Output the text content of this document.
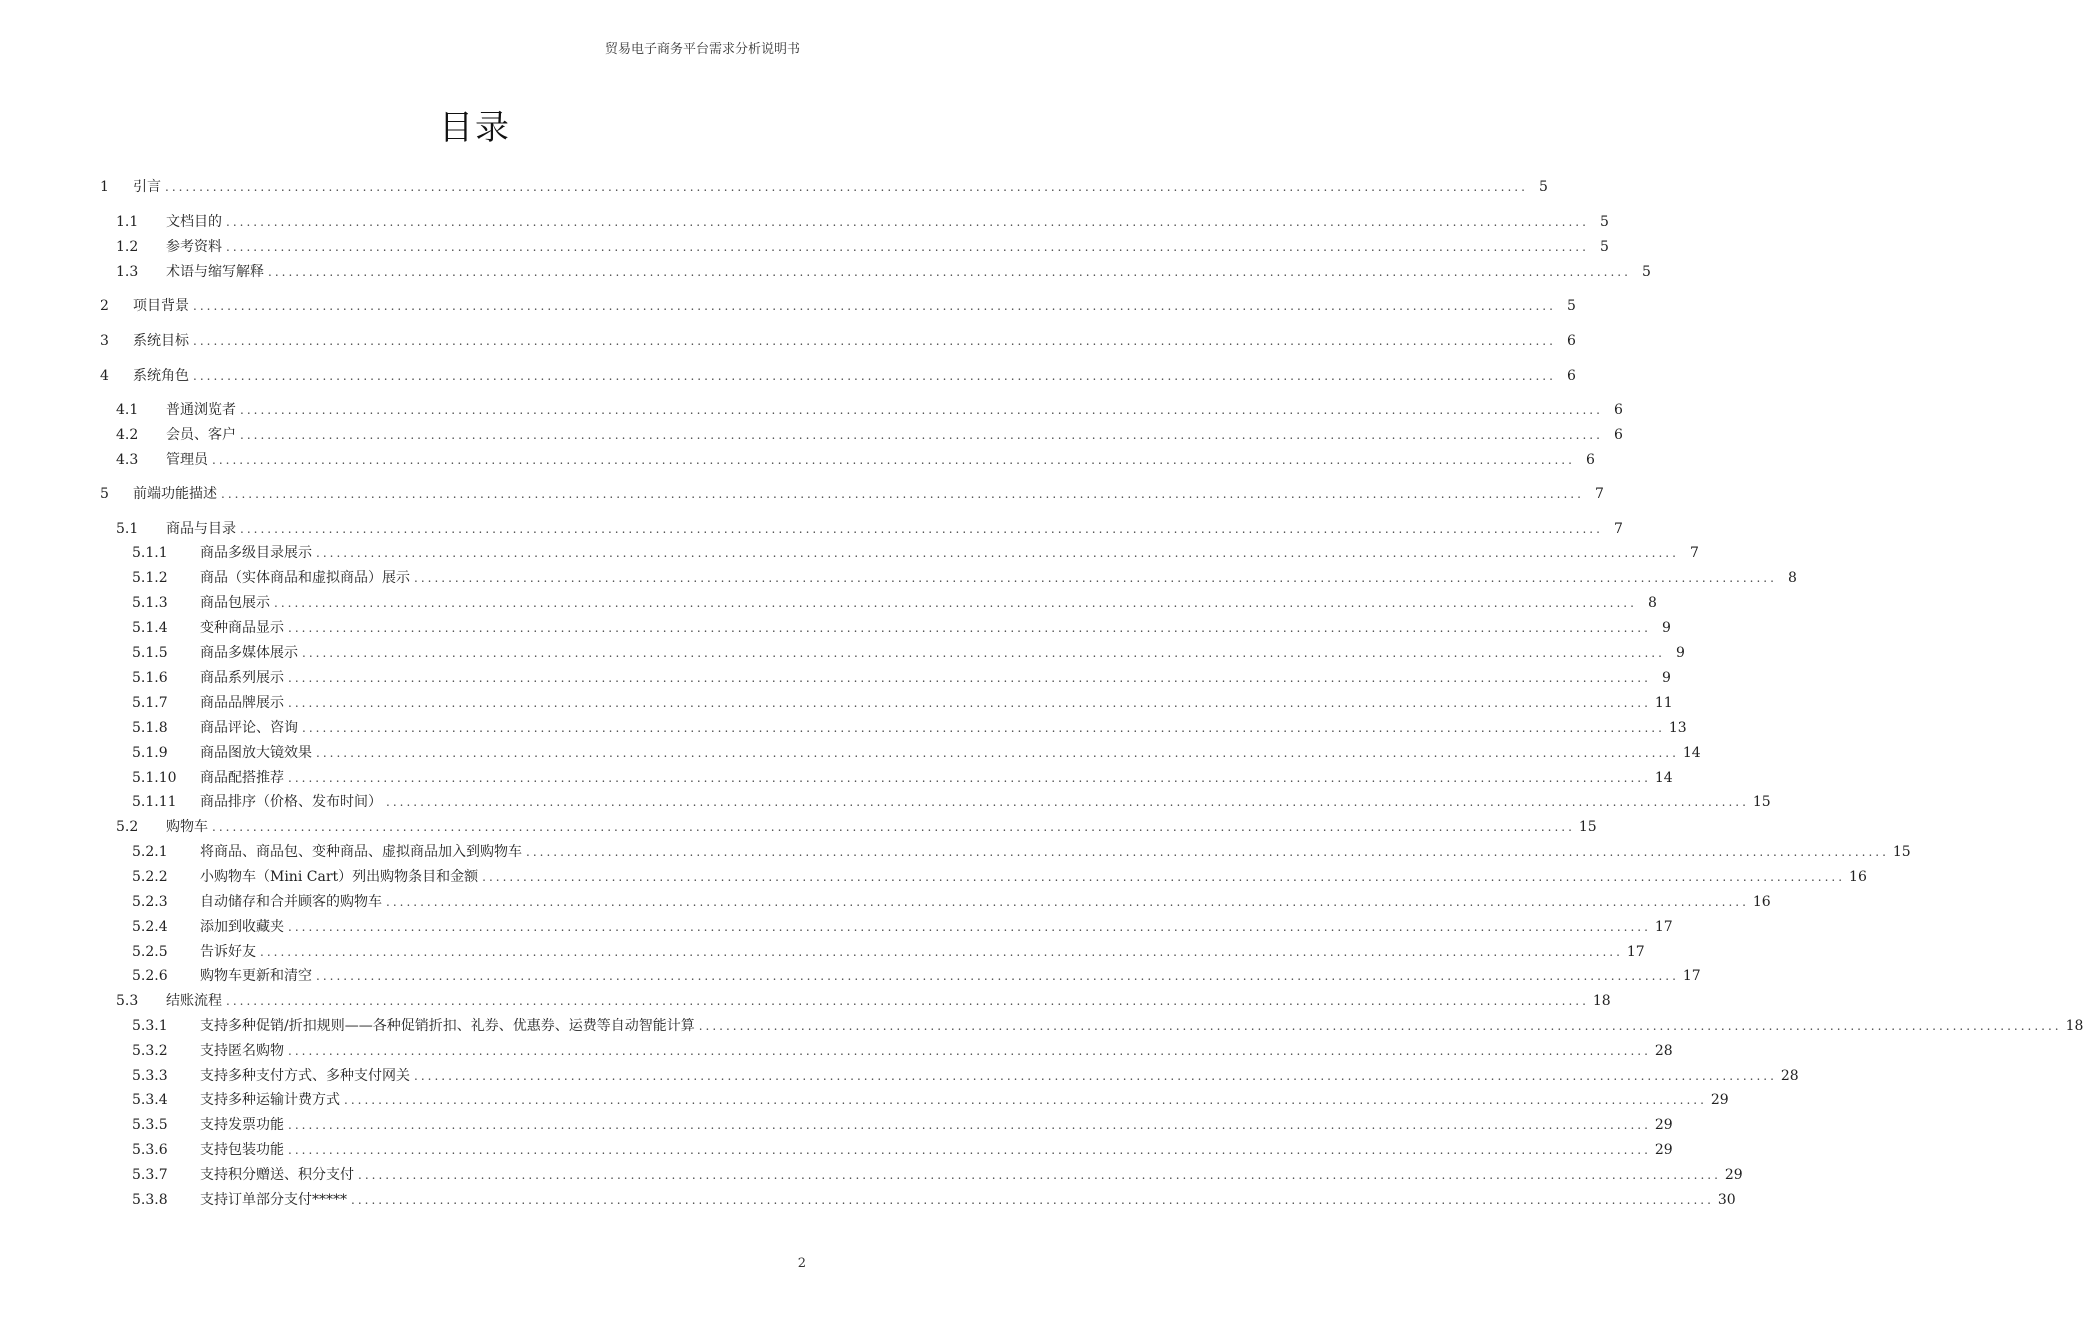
贸易电子商务平台需求分析说明书
目录
1	引言 ........................................................................................................................................................................................................ 5
1.1	文档目的 ........................................................................................................................................................................................................ 5
1.2	参考资料 ........................................................................................................................................................................................................ 5
1.3	术语与缩写解释 ........................................................................................................................................................................................................ 5
2	项目背景 ........................................................................................................................................................................................................ 5
3	系统目标 ........................................................................................................................................................................................................ 6
4	系统角色 ........................................................................................................................................................................................................ 6
4.1	普通浏览者 ........................................................................................................................................................................................................ 6
4.2	会员、客户 ........................................................................................................................................................................................................ 6
4.3	管理员 ........................................................................................................................................................................................................ 6
5	前端功能描述 ........................................................................................................................................................................................................ 7
5.1	商品与目录 ........................................................................................................................................................................................................ 7
5.1.1	商品多级目录展示 ........................................................................................................................................................................................................ 7
5.1.2	商品（实体商品和虚拟商品）展示 ........................................................................................................................................................................................................ 8
5.1.3	商品包展示 ........................................................................................................................................................................................................ 8
5.1.4	变种商品显示 ........................................................................................................................................................................................................ 9
5.1.5	商品多媒体展示 ........................................................................................................................................................................................................ 9
5.1.6	商品系列展示 ........................................................................................................................................................................................................ 9
5.1.7	商品品牌展示 ........................................................................................................................................................................................................ 11
5.1.8	商品评论、咨询 ........................................................................................................................................................................................................ 13
5.1.9	商品图放大镜效果 ........................................................................................................................................................................................................ 14
5.1.10	商品配搭推荐 ........................................................................................................................................................................................................ 14
5.1.11	商品排序（价格、发布时间） ........................................................................................................................................................................................................ 15
5.2	购物车 ........................................................................................................................................................................................................ 15
5.2.1	将商品、商品包、变种商品、虚拟商品加入到购物车 ........................................................................................................................................................................................................ 15
5.2.2	小购物车（Mini Cart）列出购物条目和金额 ........................................................................................................................................................................................................ 16
5.2.3	自动储存和合并顾客的购物车 ........................................................................................................................................................................................................ 16
5.2.4	添加到收藏夹 ........................................................................................................................................................................................................ 17
5.2.5	告诉好友 ........................................................................................................................................................................................................ 17
5.2.6	购物车更新和清空 ........................................................................................................................................................................................................ 17
5.3	结账流程 ........................................................................................................................................................................................................ 18
5.3.1	支持多种促销/折扣规则——各种促销折扣、礼券、优惠券、运费等自动智能计算 ........................................................................................................................................................................................................ 18
5.3.2	支持匿名购物 ........................................................................................................................................................................................................ 28
5.3.3	支持多种支付方式、多种支付网关 ........................................................................................................................................................................................................ 28
5.3.4	支持多种运输计费方式 ........................................................................................................................................................................................................ 29
5.3.5	支持发票功能 ........................................................................................................................................................................................................ 29
5.3.6	支持包装功能 ........................................................................................................................................................................................................ 29
5.3.7	支持积分赠送、积分支付 ........................................................................................................................................................................................................ 29
5.3.8	支持订单部分支付***** ........................................................................................................................................................................................................ 30
2
